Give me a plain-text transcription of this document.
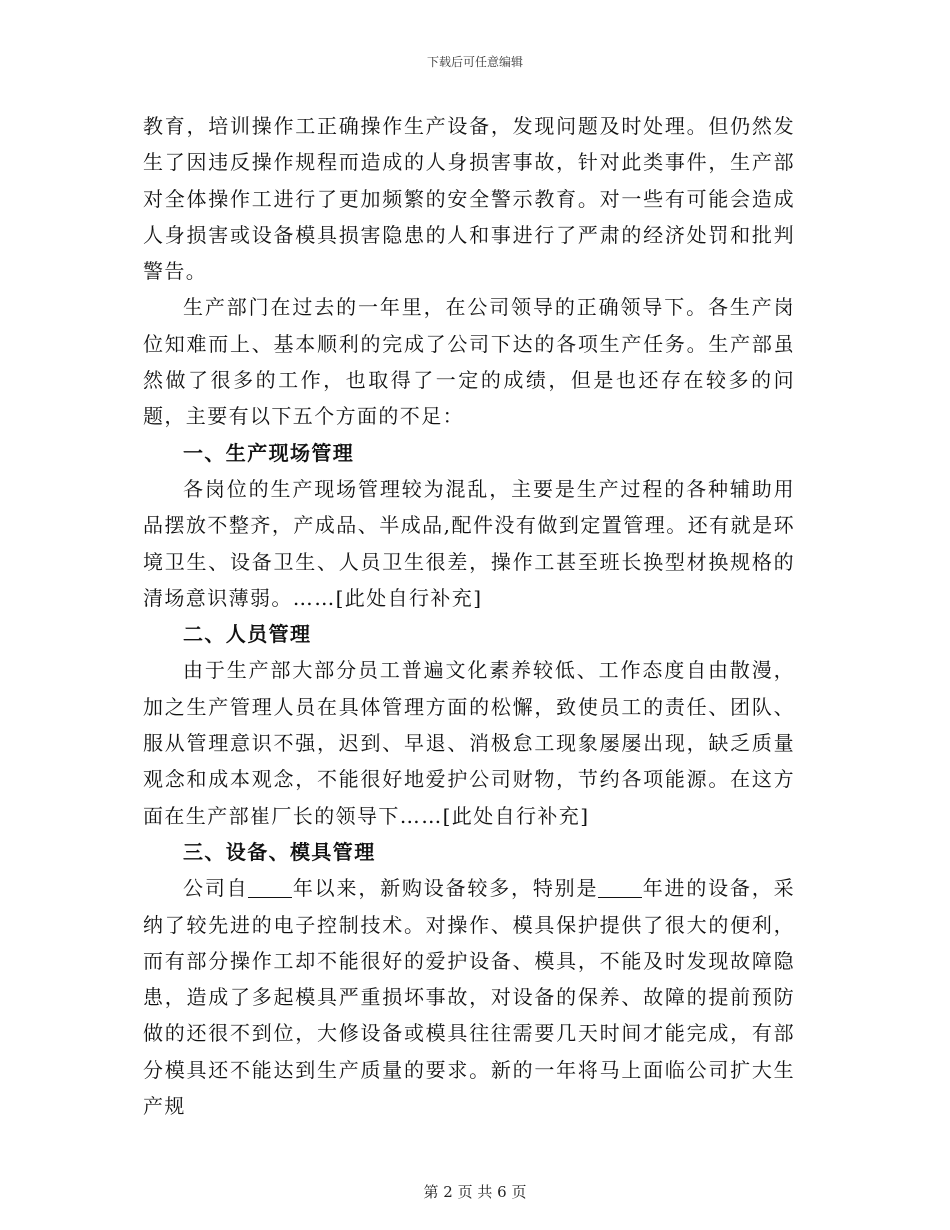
下载后可任意编辑

教育，培训操作工正确操作生产设备，发现问题及时处理。但仍然发生了因违反操作规程而造成的人身损害事故，针对此类事件，生产部对全体操作工进行了更加频繁的安全警示教育。对一些有可能会造成人身损害或设备模具损害隐患的人和事进行了严肃的经济处罚和批判警告。

生产部门在过去的一年里，在公司领导的正确领导下。各生产岗位知难而上、基本顺利的完成了公司下达的各项生产任务。生产部虽然做了很多的工作，也取得了一定的成绩，但是也还存在较多的问题，主要有以下五个方面的不足：

一、生产现场管理

各岗位的生产现场管理较为混乱，主要是生产过程的各种辅助用品摆放不整齐，产成品、半成品,配件没有做到定置管理。还有就是环境卫生、设备卫生、人员卫生很差，操作工甚至班长换型材换规格的清场意识薄弱。……[此处自行补充]

二、人员管理

由于生产部大部分员工普遍文化素养较低、工作态度自由散漫，加之生产管理人员在具体管理方面的松懈，致使员工的责任、团队、服从管理意识不强，迟到、早退、消极怠工现象屡屡出现，缺乏质量观念和成本观念，不能很好地爱护公司财物，节约各项能源。在这方面在生产部崔厂长的领导下……[此处自行补充]

三、设备、模具管理

公司自 年以来，新购设备较多，特别是 年进的设备，采纳了较先进的电子控制技术。对操作、模具保护提供了很大的便利，而有部分操作工却不能很好的爱护设备、模具，不能及时发现故障隐患，造成了多起模具严重损坏事故，对设备的保养、故障的提前预防做的还很不到位，大修设备或模具往往需要几天时间才能完成，有部分模具还不能达到生产质量的要求。新的一年将马上面临公司扩大生产规

第 2 页 共 6 页
